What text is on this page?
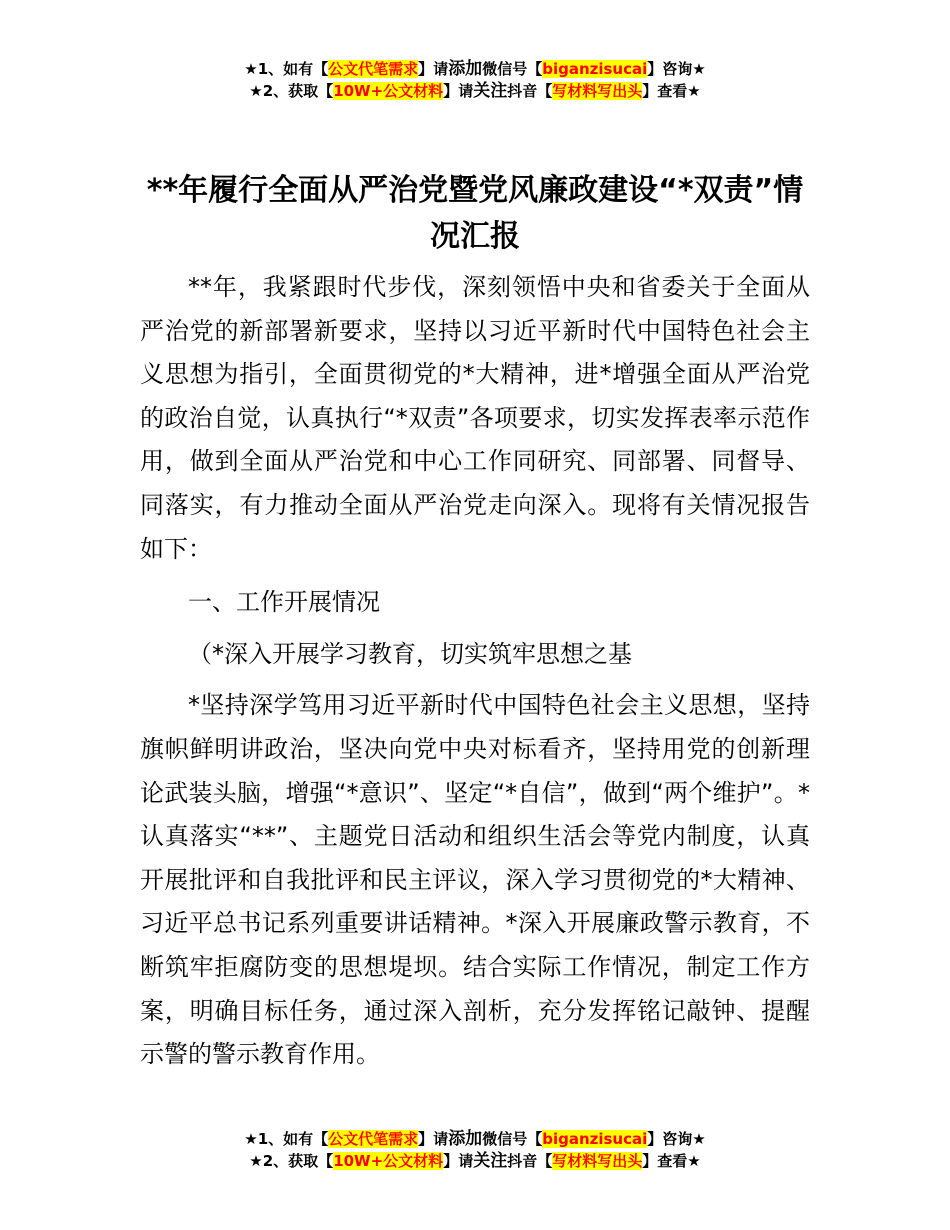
★1、如有【公文代笔需求】请添加微信号【biganzisucai】咨询★
★2、获取【10W+公文材料】请关注抖音【写材料写出头】查看★
**年履行全面从严治党暨党风廉政建设“*双责”情况汇报

**年，我紧跟时代步伐，深刻领悟中央和省委关于全面从严治党的新部署新要求，坚持以习近平新时代中国特色社会主义思想为指引，全面贯彻党的*大精神，进*增强全面从严治党的政治自觉，认真执行“*双责”各项要求，切实发挥表率示范作用，做到全面从严治党和中心工作同研究、同部署、同督导、同落实，有力推动全面从严治党走向深入。现将有关情况报告如下：

一、工作开展情况

（*深入开展学习教育，切实筑牢思想之基

*坚持深学笃用习近平新时代中国特色社会主义思想，坚持旗帜鲜明讲政治，坚决向党中央对标看齐，坚持用党的创新理论武装头脑，增强“*意识”、坚定“*自信”，做到“两个维护”。*认真落实“**”、主题党日活动和组织生活会等党内制度，认真开展批评和自我批评和民主评议，深入学习贯彻党的*大精神、习近平总书记系列重要讲话精神。*深入开展廉政警示教育，不断筑牢拒腐防变的思想堤坝。结合实际工作情况，制定工作方案，明确目标任务，通过深入剖析，充分发挥铭记敲钟、提醒示警的警示教育作用。

★1、如有【公文代笔需求】请添加微信号【biganzisucai】咨询★
★2、获取【10W+公文材料】请关注抖音【写材料写出头】查看★
